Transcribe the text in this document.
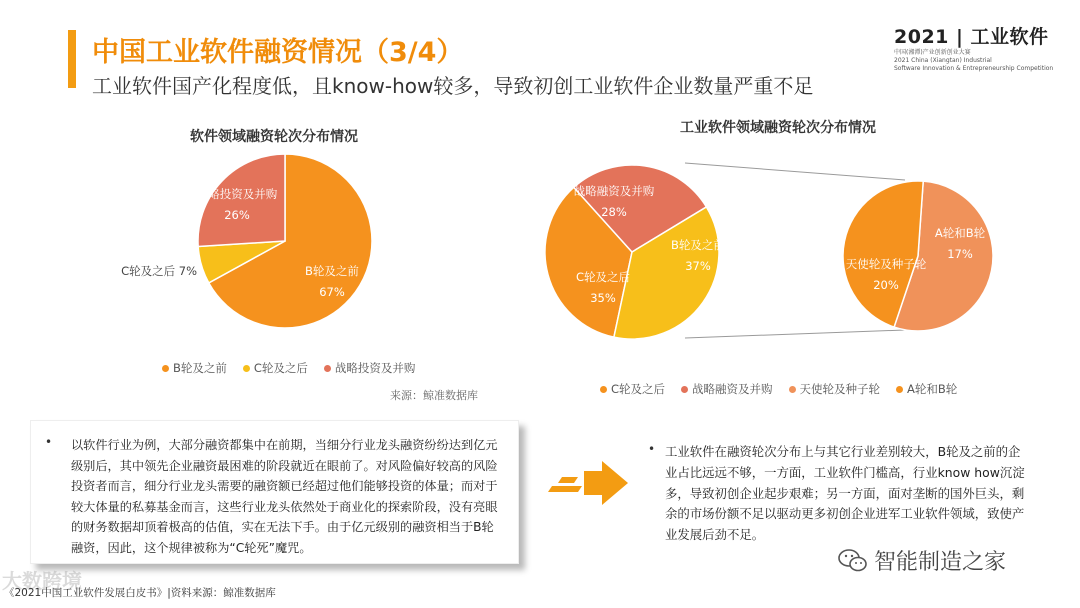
中国工业软件融资情况（3/4）
工业软件国产化程度低，且know-how较多，导致初创工业软件企业数量严重不足
2021 | 工业软件
中国(湘潭)产业创新创业大赛
2021 China (Xiangtan) Industrial
Software Innovation & Entrepreneurship Competition
软件领域融资轮次分布情况
B轮及之前
67%
C轮及之后 7%
战略投资及并购
26%
B轮及之前 C轮及之后 战略投资及并购
来源：鲸准数据库
工业软件领域融资轮次分布情况
C轮及之后
35%
战略融资及并购
28%
B轮及之前
37%	天使轮及种子轮
20%
A轮和B轮
17%
C轮及之后 战略融资及并购 天使轮及种子轮 A轮和B轮
• 以软件行业为例，大部分融资都集中在前期，当细分行业龙头融资纷纷达到亿元级别后，其中领先企业融资最困难的阶段就近在眼前了。对风险偏好较高的风险投资者而言，细分行业龙头需要的融资额已经超过他们能够投资的体量；而对于较大体量的私募基金而言，这些行业龙头依然处于商业化的探索阶段，没有亮眼的财务数据却顶着极高的估值，实在无法下手。由于亿元级别的融资相当于B轮融资，因此，这个规律被称为“C轮死”魔咒。
• 工业软件在融资轮次分布上与其它行业差别较大，B轮及之前的企业占比远远不够，一方面，工业软件门槛高，行业know how沉淀多，导致初创企业起步艰难；另一方面，面对垄断的国外巨头，剩余的市场份额不足以驱动更多初创企业进军工业软件领域，致使产业发展后劲不足。
智能制造之家
大数跨境
《2021中国工业软件发展白皮书》|资料来源：鲸准数据库
